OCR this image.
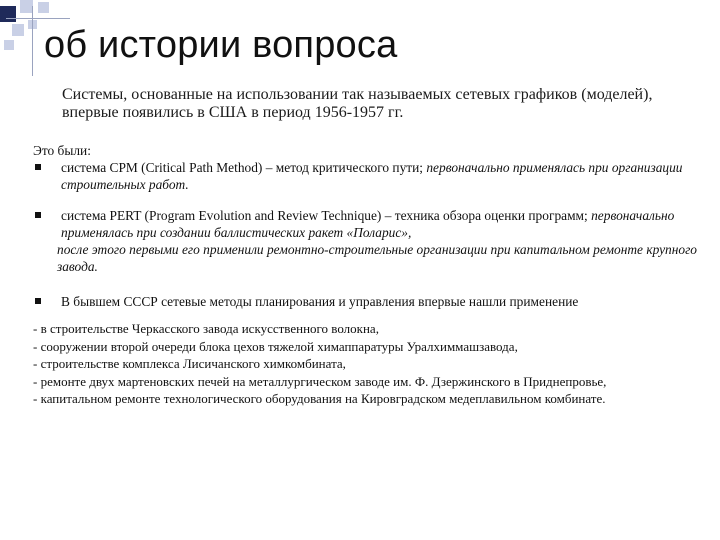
об истории вопроса
Системы, основанные на использовании так называемых сетевых графиков (моделей), впервые появились в США в период 1956-1957 гг.
Это были:
система CPM (Critical Path Method) – метод критического пути; первоначально применялась при организации строительных работ.
система PERT (Program Evolution and Review Technique) – техника обзора оценки программ; первоначально применялась при создании баллистических ракет «Поларис»,
после этого первыми его применили ремонтно-строительные организации при капитальном ремонте крупного завода.
В бывшем СССР сетевые методы планирования и управления впервые нашли применение
- в строительстве Черкасского завода искусственного волокна,
- сооружении второй очереди блока цехов тяжелой химаппаратуры Уралхиммашзавода,
- строительстве комплекса Лисичанского химкомбината,
- ремонте двух мартеновских печей на металлургическом заводе им. Ф. Дзержинского в Приднепровье,
- капитальном ремонте технологического оборудования на Кировградском медеплавильном комбинате.
